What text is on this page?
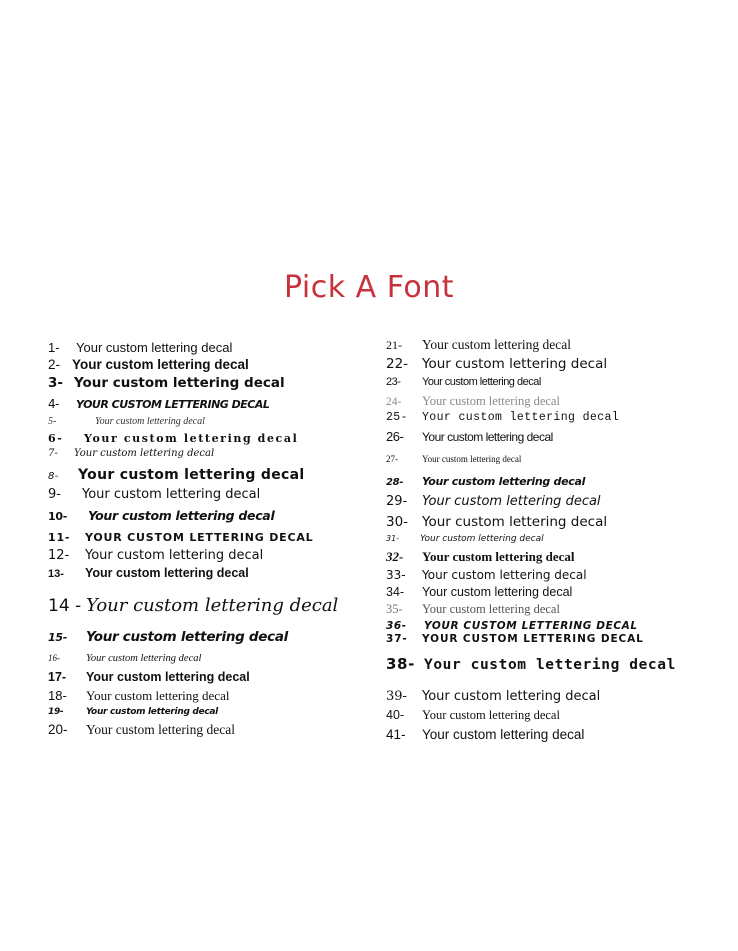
Pick A Font
1-	Your custom lettering decal
2- Your custom lettering decal
3- Your custom lettering decal
4-	YOUR CUSTOM LETTERING DECAL
5-	Your custom lettering decal
6-	Your custom lettering decal
7-	Your custom lettering decal
8-	Your custom lettering decal
9-	Your custom lettering decal
10-	Your custom lettering decal
11-	YOUR CUSTOM LETTERING DECAL
12-	Your custom lettering decal
13-	Your custom lettering decal
14 - Your custom lettering decal
15-	Your custom lettering decal
16-	Your custom lettering decal
17-	Your custom lettering decal
18-	Your custom lettering decal
19-	Your custom lettering decal
20-	Your custom lettering decal
21-	Your custom lettering decal
22-	Your custom lettering decal
23-	Your custom lettering decal
24-	Your custom lettering decal
25-	Your custom lettering decal
26-	Your custom lettering decal
27-	Your custom lettering decal
28-	Your custom lettering decal
29-	Your custom lettering decal
30-	Your custom lettering decal
31-	Your custom lettering decal
32-	Your custom lettering decal
33-	Your custom lettering decal
34-	Your custom lettering decal
35-	Your custom lettering decal
36-	YOUR CUSTOM LETTERING DECAL
37-	YOUR CUSTOM LETTERING DECAL
38- Your custom lettering decal
39-	Your custom lettering decal
40-	Your custom lettering decal
41-	Your custom lettering decal
